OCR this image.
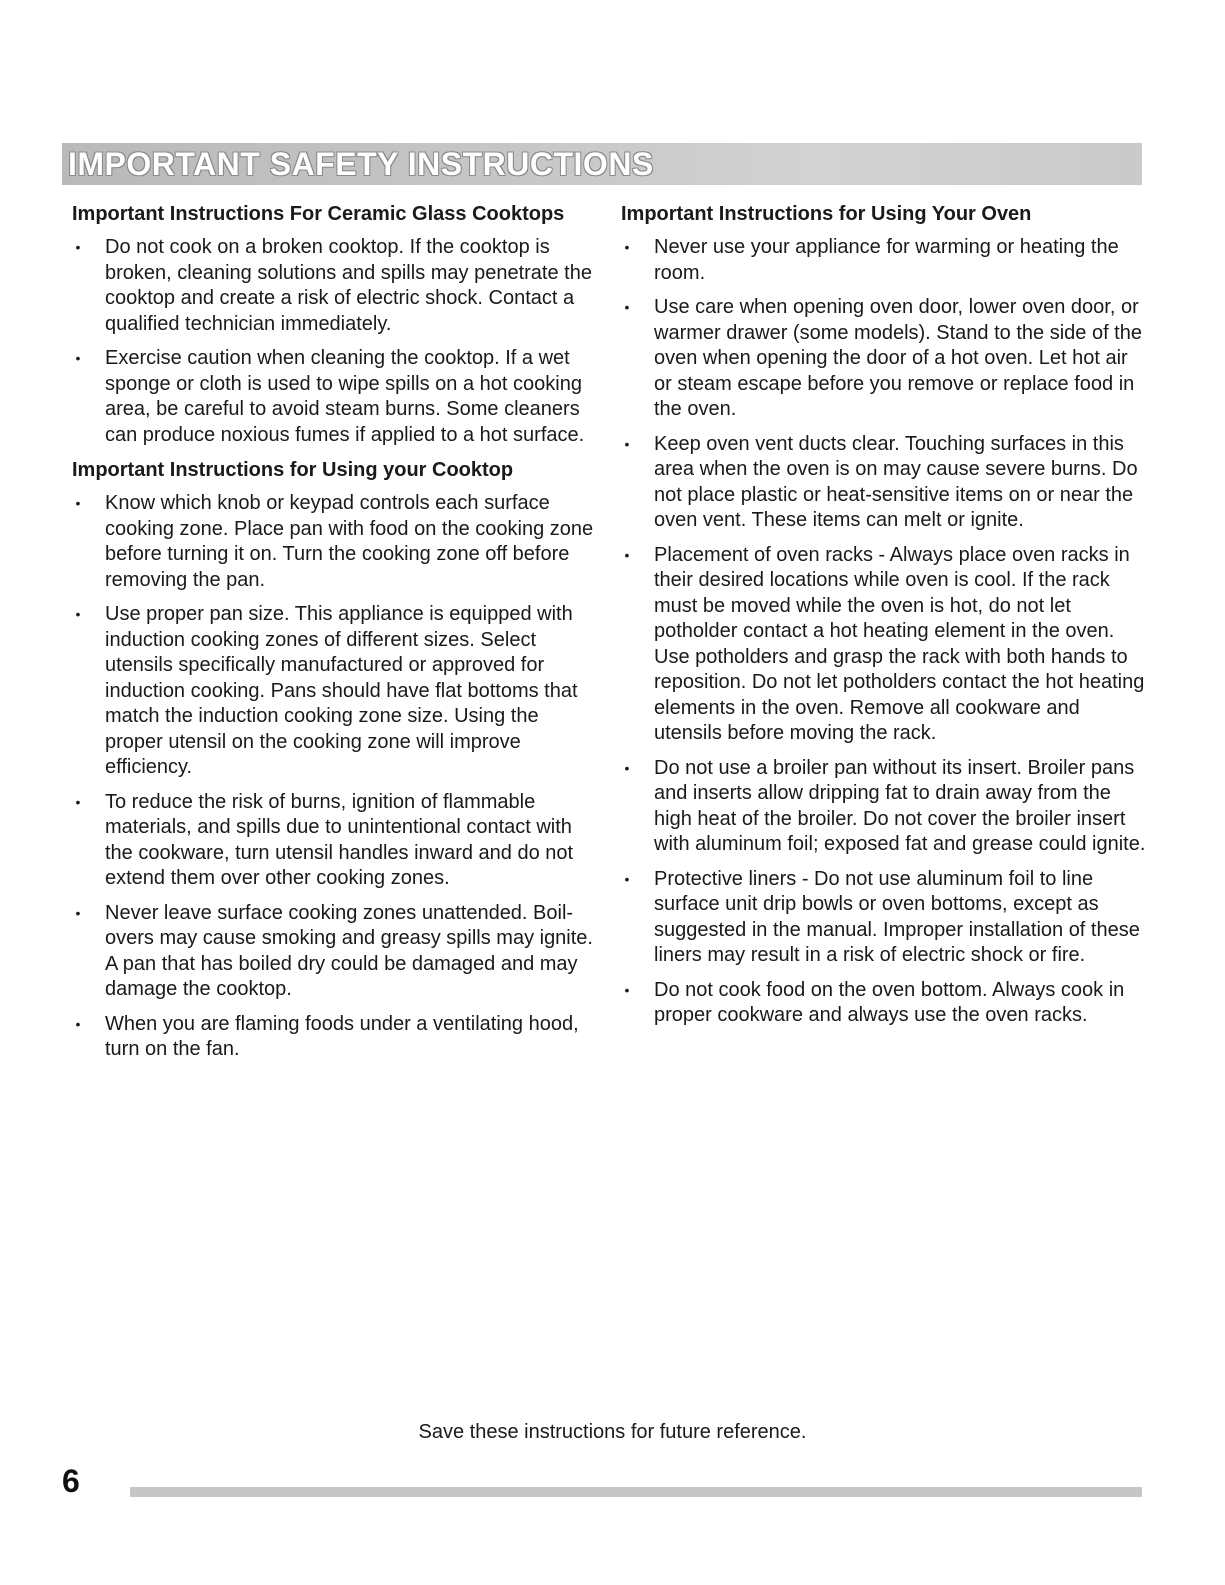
IMPORTANT SAFETY INSTRUCTIONS
Important Instructions For Ceramic Glass Cooktops
• Do not cook on a broken cooktop. If the cooktop is broken, cleaning solutions and spills may penetrate the cooktop and create a risk of electric shock. Contact a qualified technician immediately.
• Exercise caution when cleaning the cooktop. If a wet sponge or cloth is used to wipe spills on a hot cooking area, be careful to avoid steam burns. Some cleaners can produce noxious fumes if applied to a hot surface.
Important Instructions for Using your Cooktop
• Know which knob or keypad controls each surface cooking zone. Place pan with food on the cooking zone before turning it on. Turn the cooking zone off before removing the pan.
• Use proper pan size. This appliance is equipped with induction cooking zones of different sizes. Select utensils specifically manufactured or approved for induction cooking. Pans should have flat bottoms that match the induction cooking zone size. Using the proper utensil on the cooking zone will improve efficiency.
• To reduce the risk of burns, ignition of flammable materials, and spills due to unintentional contact with the cookware, turn utensil handles inward and do not extend them over other cooking zones.
• Never leave surface cooking zones unattended. Boil-overs may cause smoking and greasy spills may ignite. A pan that has boiled dry could be damaged and may damage the cooktop.
• When you are flaming foods under a ventilating hood, turn on the fan.
Important Instructions for Using Your Oven
• Never use your appliance for warming or heating the room.
• Use care when opening oven door, lower oven door, or warmer drawer (some models). Stand to the side of the oven when opening the door of a hot oven. Let hot air or steam escape before you remove or replace food in the oven.
• Keep oven vent ducts clear. Touching surfaces in this area when the oven is on may cause severe burns. Do not place plastic or heat-sensitive items on or near the oven vent. These items can melt or ignite.
• Placement of oven racks - Always place oven racks in their desired locations while oven is cool. If the rack must be moved while the oven is hot, do not let potholder contact a hot heating element in the oven. Use potholders and grasp the rack with both hands to reposition. Do not let potholders contact the hot heating elements in the oven. Remove all cookware and utensils before moving the rack.
• Do not use a broiler pan without its insert. Broiler pans and inserts allow dripping fat to drain away from the high heat of the broiler. Do not cover the broiler insert with aluminum foil; exposed fat and grease could ignite.
• Protective liners - Do not use aluminum foil to line surface unit drip bowls or oven bottoms, except as suggested in the manual. Improper installation of these liners may result in a risk of electric shock or fire.
• Do not cook food on the oven bottom. Always cook in proper cookware and always use the oven racks.
Save these instructions for future reference.
6
